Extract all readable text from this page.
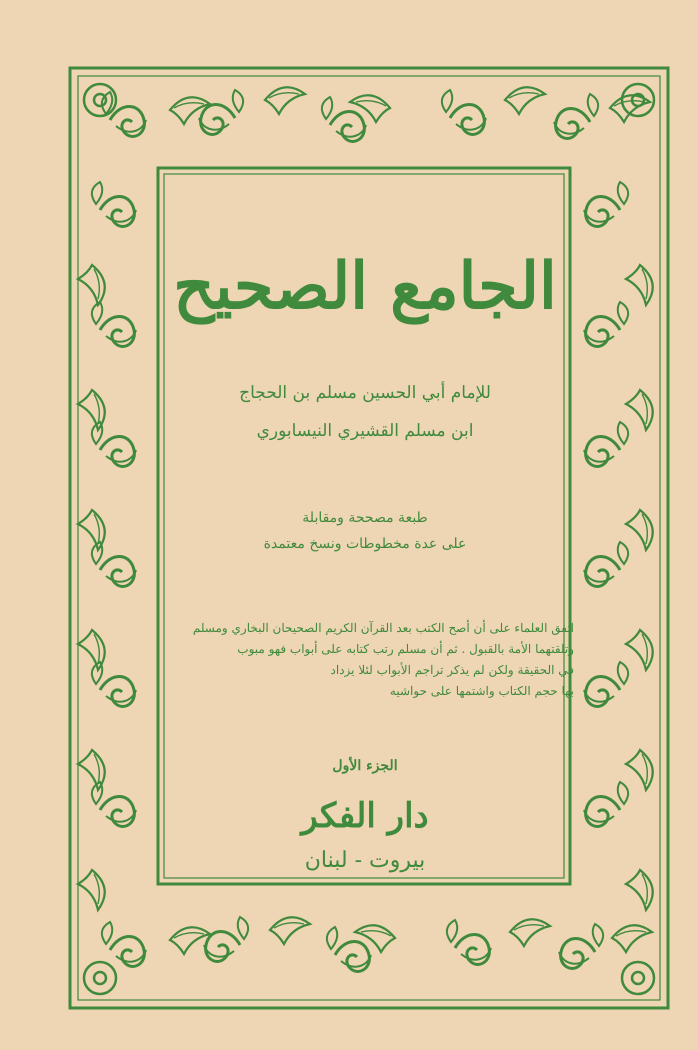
الجامع الصحيح
للإمام أبي الحسين مسلم بن الحجاج
ابن مسلم القشيري النيسابوري
طبعة مصححة ومقابلة
على عدة مخطوطات ونسخ معتمدة
اتفق العلماء على أن أصح الكتب بعد القرآن الكريم الصحيحان البخاري ومسلم
وتلقتهما الأمة بالقبول . ثم أن مسلم رتب كتابه على أبواب فهو مبوب
في الحقيقة ولكن لم يذكر تراجم الأبواب لئلا يزداد
بها حجم الكتاب واشتمها على حواشيه
الجزء الأول
دار الفكر
بيروت - لبنان
